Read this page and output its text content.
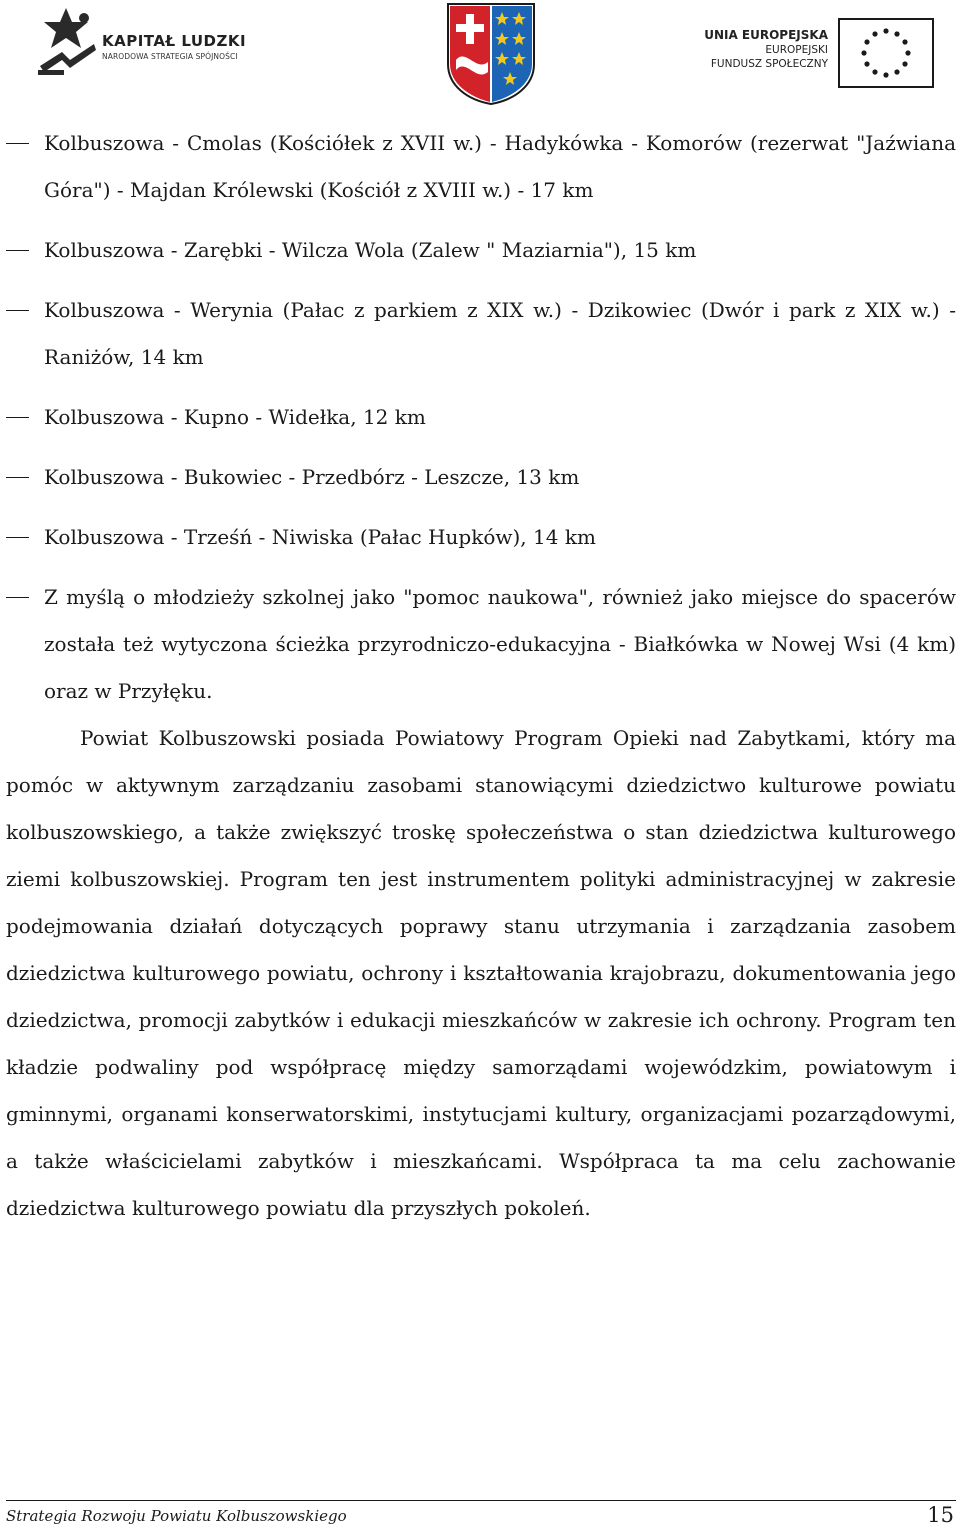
KAPITAŁ LUDZKI
NARODOWA STRATEGIA SPÓJNOŚCI
UNIA EUROPEJSKA
EUROPEJSKI
FUNDUSZ SPOŁECZNY
Kolbuszowa - Cmolas (Kościółek z XVII w.) - Hadykówka - Komorów (rezerwat "Jaźwiana Góra") - Majdan Królewski (Kościół z XVIII w.) - 17 km
Kolbuszowa - Zarębki - Wilcza Wola (Zalew " Maziarnia"), 15 km
Kolbuszowa - Werynia (Pałac z parkiem z XIX w.) - Dzikowiec (Dwór i park z XIX w.) - Raniżów, 14 km
Kolbuszowa - Kupno - Widełka, 12 km
Kolbuszowa - Bukowiec - Przedbórz - Leszcze, 13 km
Kolbuszowa - Trześń - Niwiska (Pałac Hupków), 14 km
Z myślą o młodzieży szkolnej jako "pomoc naukowa", również jako miejsce do spacerów została też wytyczona ścieżka przyrodniczo-edukacyjna - Białkówka w Nowej Wsi (4 km) oraz w Przyłęku.

Powiat Kolbuszowski posiada Powiatowy Program Opieki nad Zabytkami, który ma pomóc w aktywnym zarządzaniu zasobami stanowiącymi dziedzictwo kulturowe powiatu kolbuszowskiego, a także zwiększyć troskę społeczeństwa o stan dziedzictwa kulturowego ziemi kolbuszowskiej. Program ten jest instrumentem polityki administracyjnej w zakresie podejmowania działań dotyczących poprawy stanu utrzymania i zarządzania zasobem dziedzictwa kulturowego powiatu, ochrony i kształtowania krajobrazu, dokumentowania jego dziedzictwa, promocji zabytków i edukacji mieszkańców w zakresie ich ochrony. Program ten kładzie podwaliny pod współpracę między samorządami wojewódzkim, powiatowym i gminnymi, organami konserwatorskimi, instytucjami kultury, organizacjami pozarządowymi, a także właścicielami zabytków i mieszkańcami. Współpraca ta ma celu zachowanie dziedzictwa kulturowego powiatu dla przyszłych pokoleń.

Strategia Rozwoju Powiatu Kolbuszowskiego	15
